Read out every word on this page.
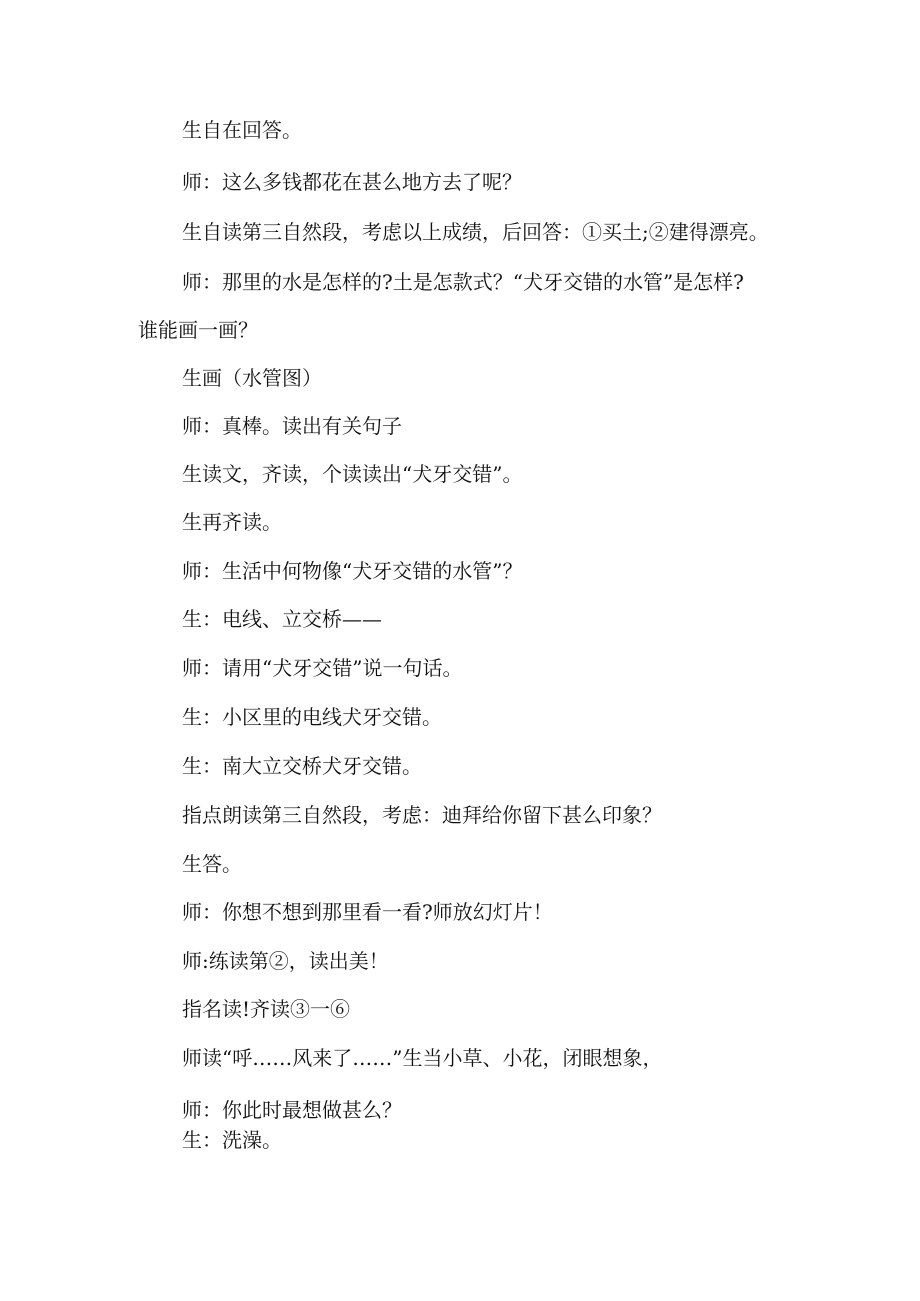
生自在回答。
师：这么多钱都花在甚么地方去了呢？
生自读第三自然段，考虑以上成绩，后回答：①买土;②建得漂亮。
师：那里的水是怎样的?土是怎款式？“犬牙交错的水管”是怎样?
谁能画一画？
生画（水管图）
师：真棒。读出有关句子
生读文，齐读，个读读出“犬牙交错”。
生再齐读。
师：生活中何物像“犬牙交错的水管”？
生：电线、立交桥——
师：请用“犬牙交错”说一句话。
生：小区里的电线犬牙交错。
生：南大立交桥犬牙交错。
指点朗读第三自然段，考虑：迪拜给你留下甚么印象？
生答。
师：你想不想到那里看一看?师放幻灯片！
师:练读第②，读出美！
指名读!齐读③一⑥
师读“呼……风来了……”生当小草、小花，闭眼想象，
师：你此时最想做甚么？
生：洗澡。
